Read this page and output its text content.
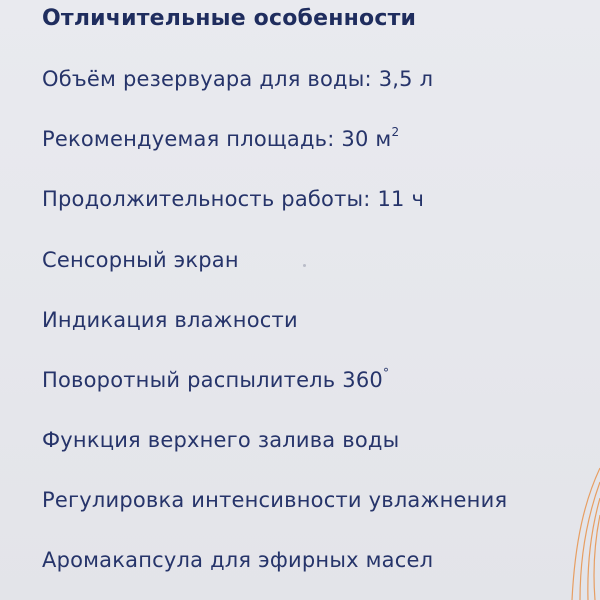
Отличительные особенности
Объём резервуара для воды: 3,5 л
Рекомендуемая площадь: 30 $м^2$
Продолжительность работы: 11 ч
Сенсорный экран
Индикация влажности
Поворотный распылитель 360°
Функция верхнего залива воды
Регулировка интенсивности увлажнения
Аромакапсула для эфирных масел
